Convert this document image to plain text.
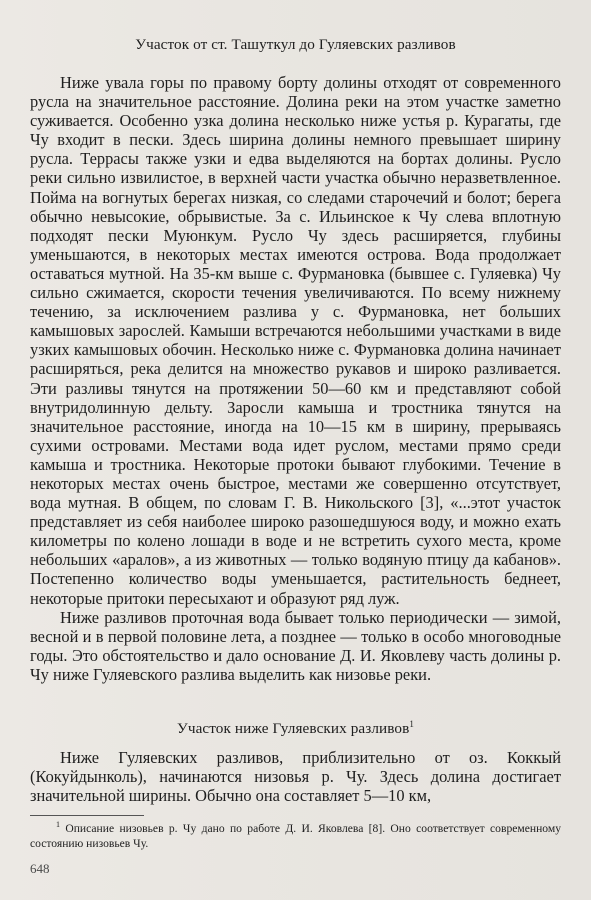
Участок от ст. Ташуткул до Гуляевских разливов

Ниже увала горы по правому борту долины отходят от современного русла на значительное расстояние. Долина реки на этом участке заметно суживается. Особенно узка долина несколько ниже устья р. Курагаты, где Чу входит в пески. Здесь ширина долины немного превышает ширину русла. Террасы также узки и едва выделяются на бортах долины. Русло реки сильно извилистое, в верхней части участка обычно неразветвленное. Пойма на вогнутых берегах низкая, со следами старочечий и болот; берега обычно невысокие, обрывистые. За с. Ильинское к Чу слева вплотную подходят пески Муюнкум. Русло Чу здесь расширяется, глубины уменьшаются, в некоторых местах имеются острова. Вода продолжает оставаться мутной. На 35-км выше с. Фурмановка (бывшее с. Гуляевка) Чу сильно сжимается, скорости течения увеличиваются. По всему нижнему течению, за исключением разлива у с. Фурмановка, нет больших камышовых зарослей. Камыши встречаются небольшими участками в виде узких камышовых обочин. Несколько ниже с. Фурмановка долина начинает расширяться, река делится на множество рукавов и широко разливается. Эти разливы тянутся на протяжении 50—60 км и представляют собой внутридолинную дельту. Заросли камыша и тростника тянутся на значительное расстояние, иногда на 10—15 км в ширину, прерываясь сухими островами. Местами вода идет руслом, местами прямо среди камыша и тростника. Некоторые протоки бывают глубокими. Течение в некоторых местах очень быстрое, местами же совершенно отсутствует, вода мутная. В общем, по словам Г. В. Никольского [3], «...этот участок представляет из себя наиболее широко разошедшуюся воду, и можно ехать километры по колено лошади в воде и не встретить сухого места, кроме небольших «аралов», а из животных — только водяную птицу да кабанов». Постепенно количество воды уменьшается, растительность беднеет, некоторые притоки пересыхают и образуют ряд луж.

Ниже разливов проточная вода бывает только периодически — зимой, весной и в первой половине лета, а позднее — только в особо многоводные годы. Это обстоятельство и дало основание Д. И. Яковлеву часть долины р. Чу ниже Гуляевского разлива выделить как низовье реки.

Участок ниже Гуляевских разливов$^1$

Ниже Гуляевских разливов, приблизительно от оз. Коккый (Кокуйдынколь), начинаются низовья р. Чу. Здесь долина достигает значительной ширины. Обычно она составляет 5—10 км,

$^1$ Описание низовьев р. Чу дано по работе Д. И. Яковлева [8]. Оно соответствует современному состоянию низовьев Чу.
648
